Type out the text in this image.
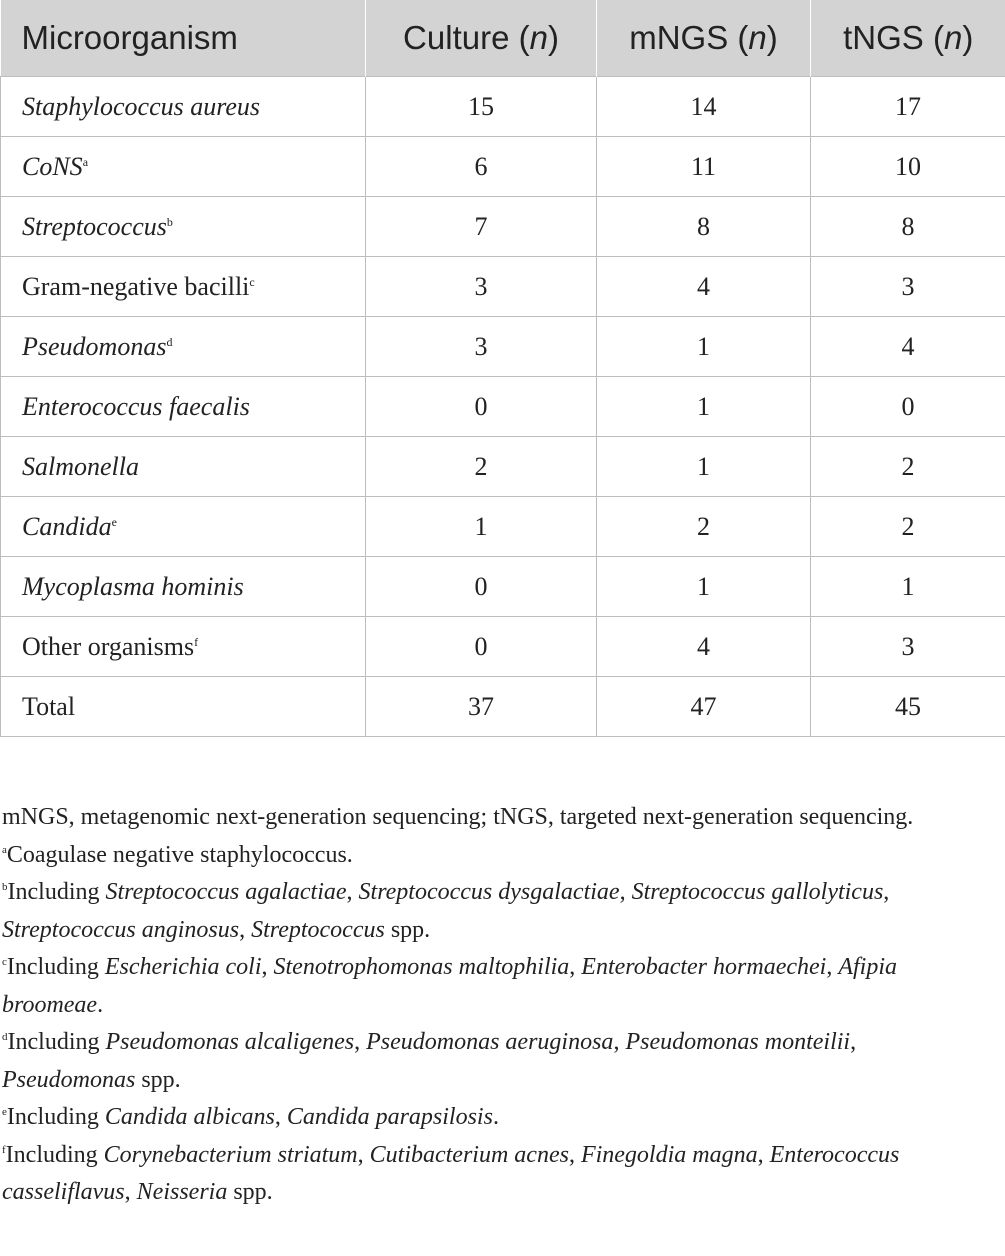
Microorganism	Culture (n)	mNGS (n)	tNGS (n)
Staphylococcus aureus	15	14	17
CoNS$^a$	6	11	10
Streptococcus$^b$	7	8	8
Gram-negative bacilli$^c$	3	4	3
Pseudomonas$^d$	3	1	4
Enterococcus faecalis	0	1	0
Salmonella	2	1	2
Candida$^e$	1	2	2
Mycoplasma hominis	0	1	1
Other organisms$^f$	0	4	3
Total	37	47	45

mNGS, metagenomic next-generation sequencing; tNGS, targeted next-generation sequencing.

$^a$Coagulase negative staphylococcus.

$^b$Including Streptococcus agalactiae, Streptococcus dysgalactiae, Streptococcus gallolyticus, Streptococcus anginosus, Streptococcus spp.

$^c$Including Escherichia coli, Stenotrophomonas maltophilia, Enterobacter hormaechei, Afipia broomeae.

$^d$Including Pseudomonas alcaligenes, Pseudomonas aeruginosa, Pseudomonas monteilii, Pseudomonas spp.

$^e$Including Candida albicans, Candida parapsilosis.

$^f$Including Corynebacterium striatum, Cutibacterium acnes, Finegoldia magna, Enterococcus casseliflavus, Neisseria spp.
